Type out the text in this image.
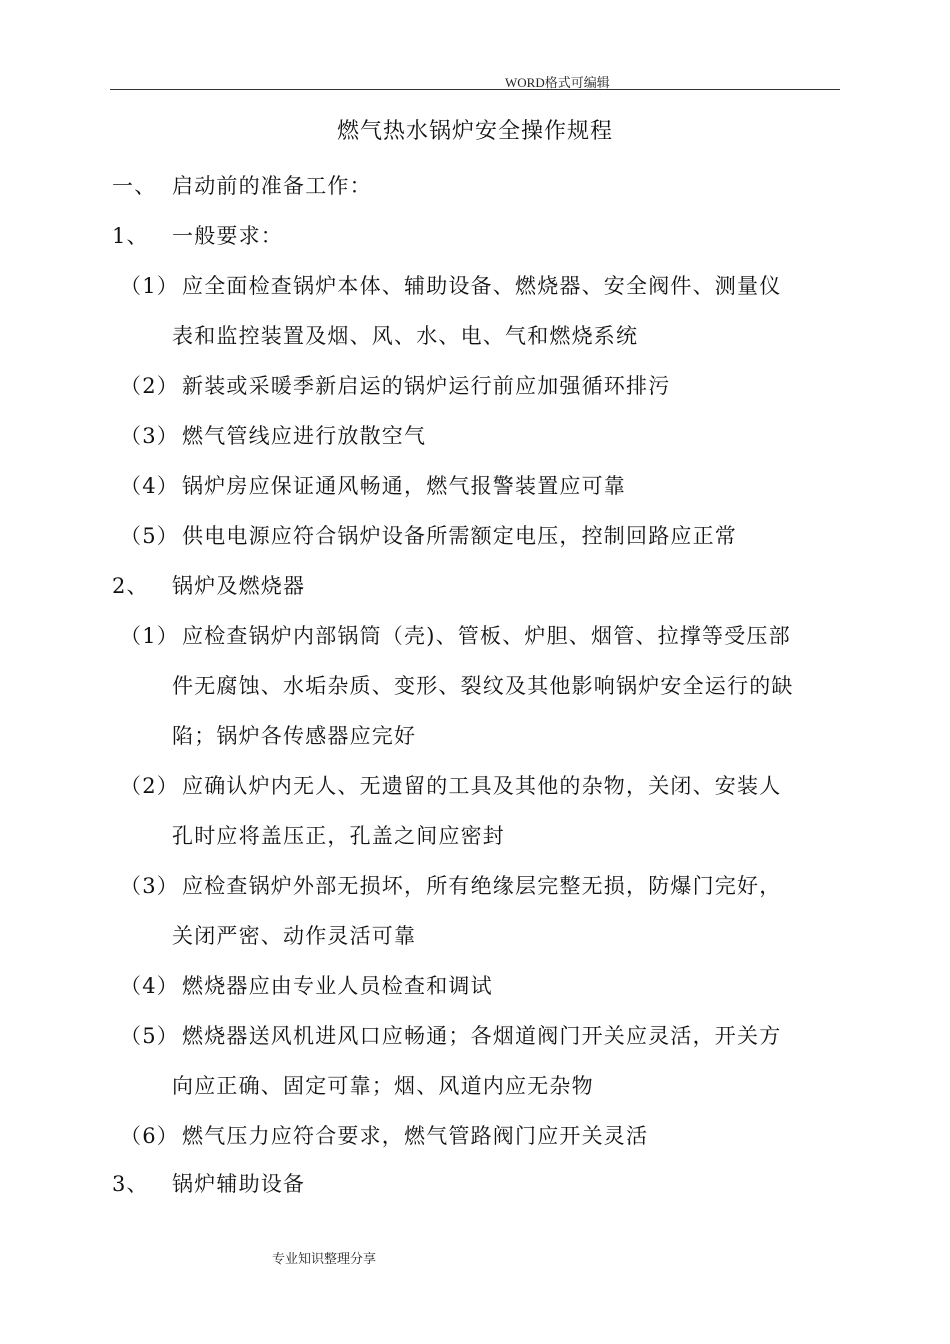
WORD格式可编辑
燃气热水锅炉安全操作规程
一、 启动前的准备工作：
1、 一般要求：
（1） 应全面检查锅炉本体、辅助设备、燃烧器、安全阀件、测量仪
表和监控装置及烟、风、水、电、气和燃烧系统
（2） 新装或采暖季新启运的锅炉运行前应加强循环排污
（3） 燃气管线应进行放散空气
（4） 锅炉房应保证通风畅通，燃气报警装置应可靠
（5） 供电电源应符合锅炉设备所需额定电压，控制回路应正常
2、 锅炉及燃烧器
（1） 应检查锅炉内部锅筒（壳)、管板、炉胆、烟管、拉撑等受压部
件无腐蚀、水垢杂质、变形、裂纹及其他影响锅炉安全运行的缺
陷；锅炉各传感器应完好
（2） 应确认炉内无人、无遗留的工具及其他的杂物，关闭、安装人
孔时应将盖压正，孔盖之间应密封
（3） 应检查锅炉外部无损坏，所有绝缘层完整无损，防爆门完好，
关闭严密、动作灵活可靠
（4） 燃烧器应由专业人员检查和调试
（5） 燃烧器送风机进风口应畅通；各烟道阀门开关应灵活，开关方
向应正确、固定可靠；烟、风道内应无杂物
（6） 燃气压力应符合要求，燃气管路阀门应开关灵活
3、 锅炉辅助设备
专业知识整理分享
